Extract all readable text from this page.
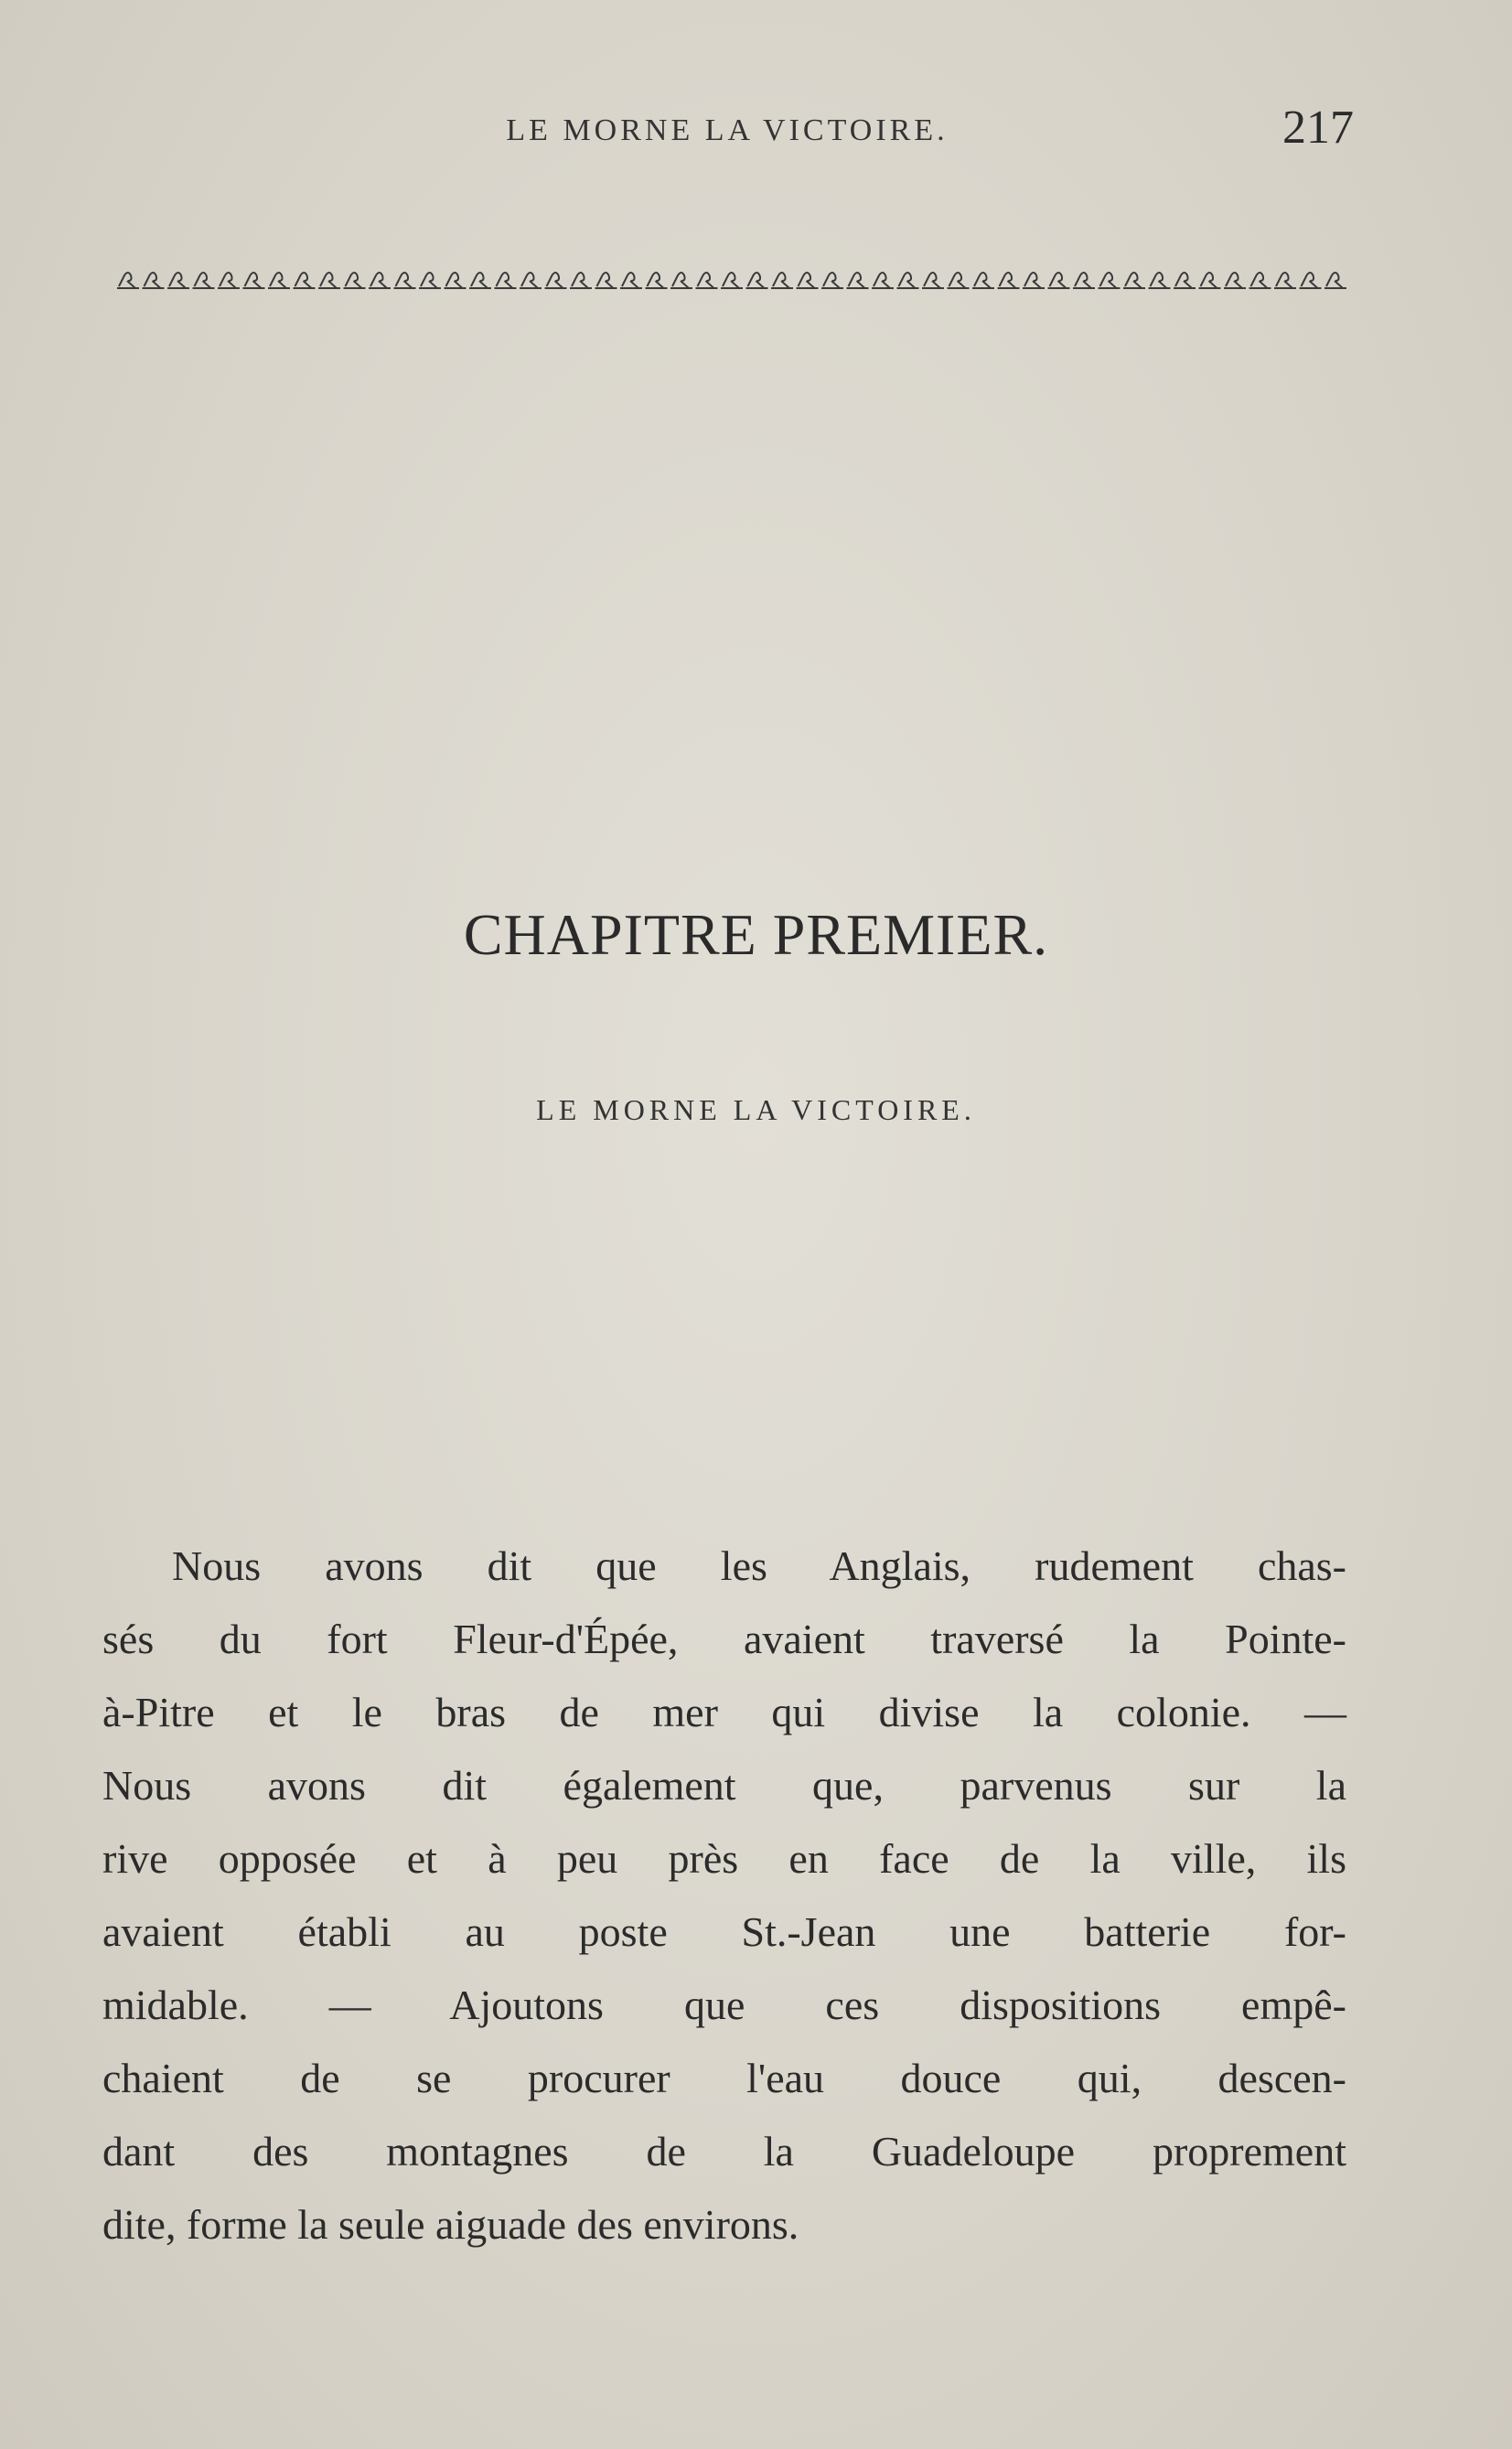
LE MORNE LA VICTOIRE.	217
CHAPITRE PREMIER.
LE MORNE LA VICTOIRE.
Nous avons dit que les Anglais, rudement chas-
sés du fort Fleur-d'Épée, avaient traversé la Pointe-
à-Pitre et le bras de mer qui divise la colonie. —
Nous avons dit également que, parvenus sur la
rive opposée et à peu près en face de la ville, ils
avaient établi au poste St.-Jean une batterie for-
midable. — Ajoutons que ces dispositions empê-
chaient de se procurer l'eau douce qui, descen-
dant des montagnes de la Guadeloupe proprement
dite, forme la seule aiguade des environs.
